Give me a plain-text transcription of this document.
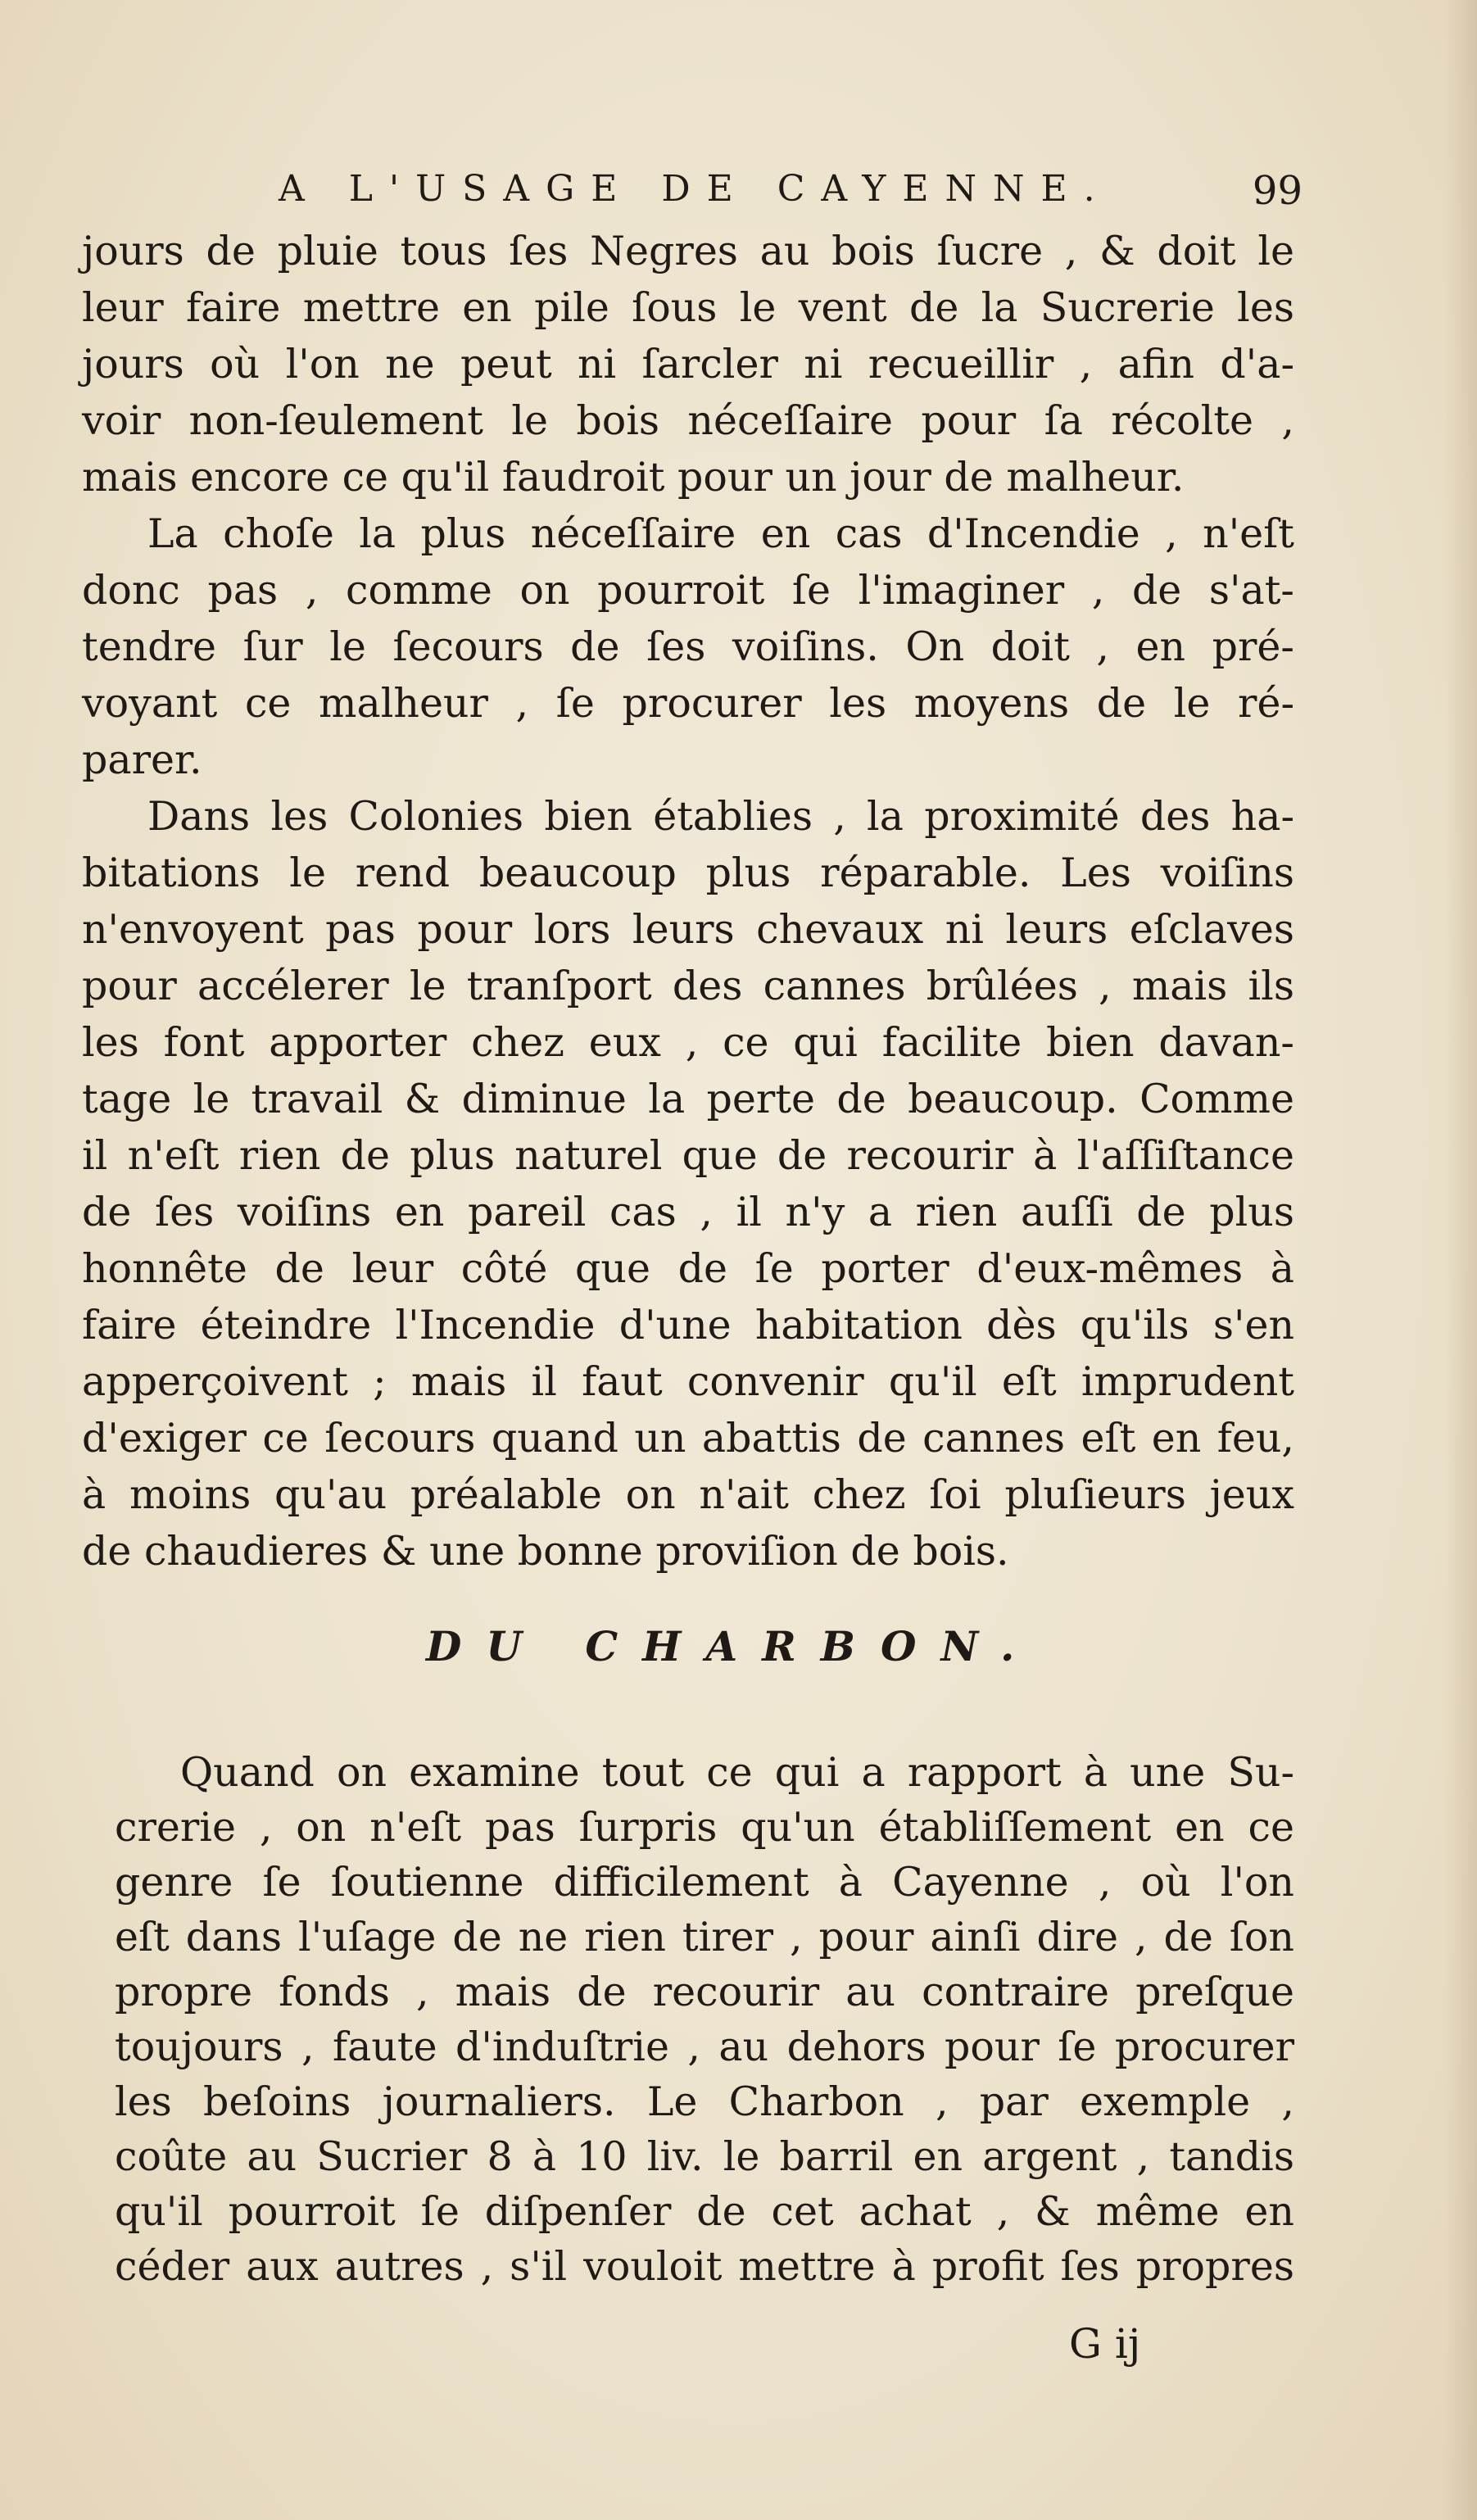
A L'USAGE DE CAYENNE.	99
jours de pluie tous ſes Negres au bois ſucre , & doit le
leur faire mettre en pile ſous le vent de la Sucrerie les
jours où l'on ne peut ni ſarcler ni recueillir , afin d'a-
voir non-ſeulement le bois néceſſaire pour ſa récolte ,
mais encore ce qu'il faudroit pour un jour de malheur.
La choſe la plus néceſſaire en cas d'Incendie , n'eſt
donc pas , comme on pourroit ſe l'imaginer , de s'at-
tendre ſur le ſecours de ſes voiſins. On doit , en pré-
voyant ce malheur , ſe procurer les moyens de le ré-
parer.
Dans les Colonies bien établies , la proximité des ha-
bitations le rend beaucoup plus réparable. Les voiſins
n'envoyent pas pour lors leurs chevaux ni leurs eſclaves
pour accélerer le tranſport des cannes brûlées , mais ils
les font apporter chez eux , ce qui facilite bien davan-
tage le travail & diminue la perte de beaucoup. Comme
il n'eſt rien de plus naturel que de recourir à l'aſſiſtance
de ſes voiſins en pareil cas , il n'y a rien auſſi de plus
honnête de leur côté que de ſe porter d'eux-mêmes à
faire éteindre l'Incendie d'une habitation dès qu'ils s'en
apperçoivent ; mais il faut convenir qu'il eſt imprudent
d'exiger ce ſecours quand un abattis de cannes eſt en feu,
à moins qu'au préalable on n'ait chez ſoi pluſieurs jeux
de chaudieres & une bonne proviſion de bois.
DU CHARBON.
Quand on examine tout ce qui a rapport à une Su-
crerie , on n'eſt pas ſurpris qu'un établiſſement en ce
genre ſe ſoutienne difficilement à Cayenne , où l'on
eſt dans l'uſage de ne rien tirer , pour ainſi dire , de ſon
propre fonds , mais de recourir au contraire preſque
toujours , faute d'induſtrie , au dehors pour ſe procurer
les beſoins journaliers. Le Charbon , par exemple ,
coûte au Sucrier 8 à 10 liv. le barril en argent , tandis
qu'il pourroit ſe diſpenſer de cet achat , & même en
céder aux autres , s'il vouloit mettre à profit ſes propres
G ij
